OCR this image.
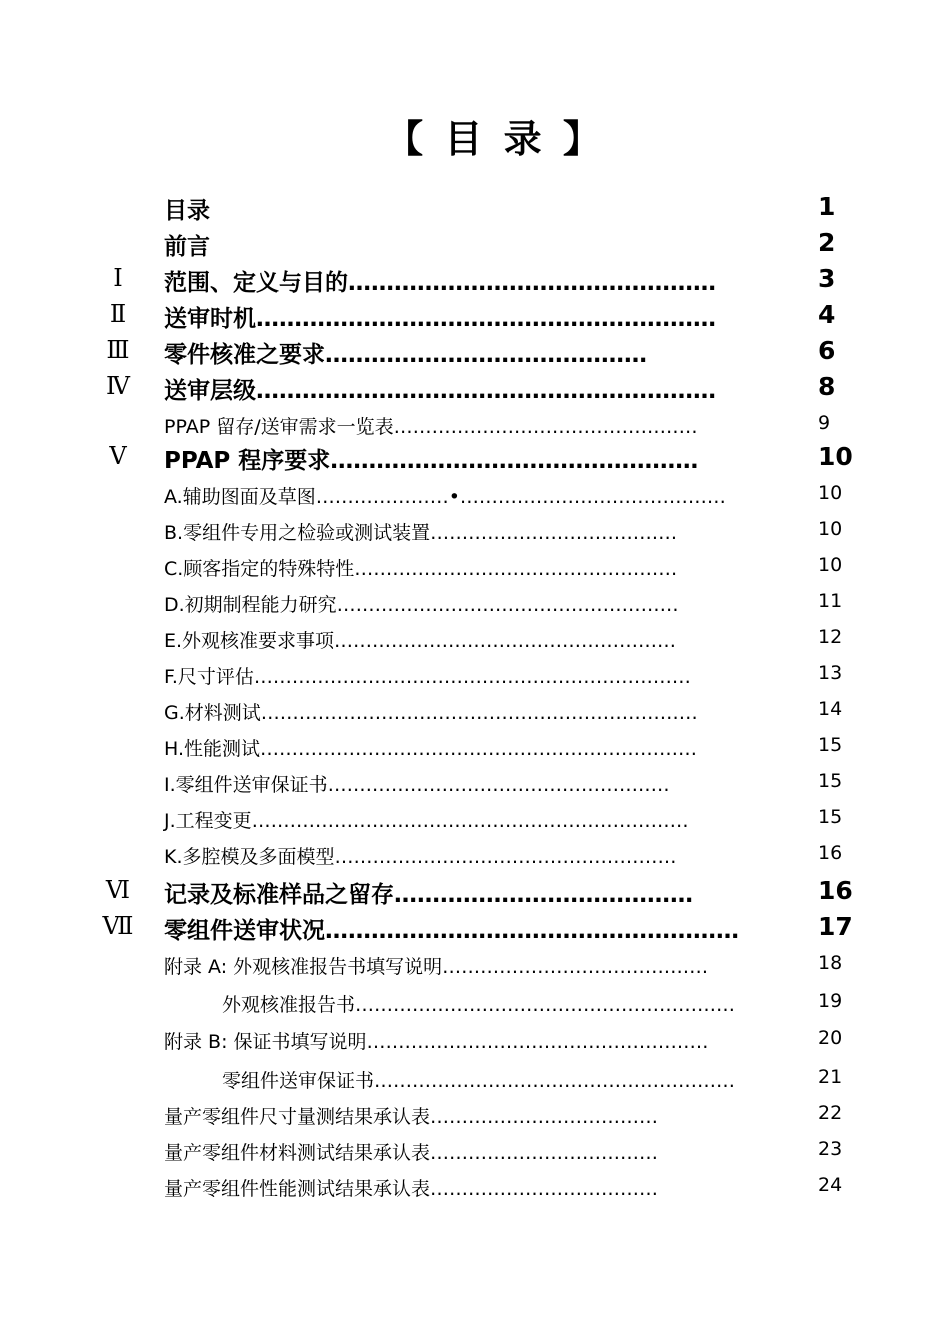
【 目 录 】
目录	1
前言	2
Ⅰ	范围、定义与目的…………………………………………	3
Ⅱ	送审时机……………………………………………………	4
Ⅲ 零件核准之要求……………………………………	6
Ⅳ 送审层级……………………………………………………	8
PPAP 留存/送审需求一览表…………………………………………	9
Ⅴ	PPAP 程序要求…………………………………………	10
A.辅助图面及草图…………………•……………………………………	10
B.零组件专用之检验或测试装置…………………………………	10
C.顾客指定的特殊特性……………………………………………	10
D.初期制程能力研究………………………………………………	11
E.外观核准要求事项………………………………………………	12
F.尺寸评估……………………………………………………………	13
G.材料测试……………………………………………………………	14
H.性能测试……………………………………………………………	15
I.零组件送审保证书………………………………………………	15
J.工程变更……………………………………………………………	15
K.多腔模及多面模型………………………………………………	16
Ⅵ 记录及标准样品之留存…………………………………	16
Ⅶ 零组件送审状况………………………………………………	17
附录 A: 外观核准报告书填写说明……………………………………	18
外观核准报告书……………………………………………………	19
附录 B: 保证书填写说明………………………………………………	20
零组件送审保证书…………………………………………………	21
量产零组件尺寸量测结果承认表………………………………	22
量产零组件材料测试结果承认表………………………………	23
量产零组件性能测试结果承认表………………………………	24
